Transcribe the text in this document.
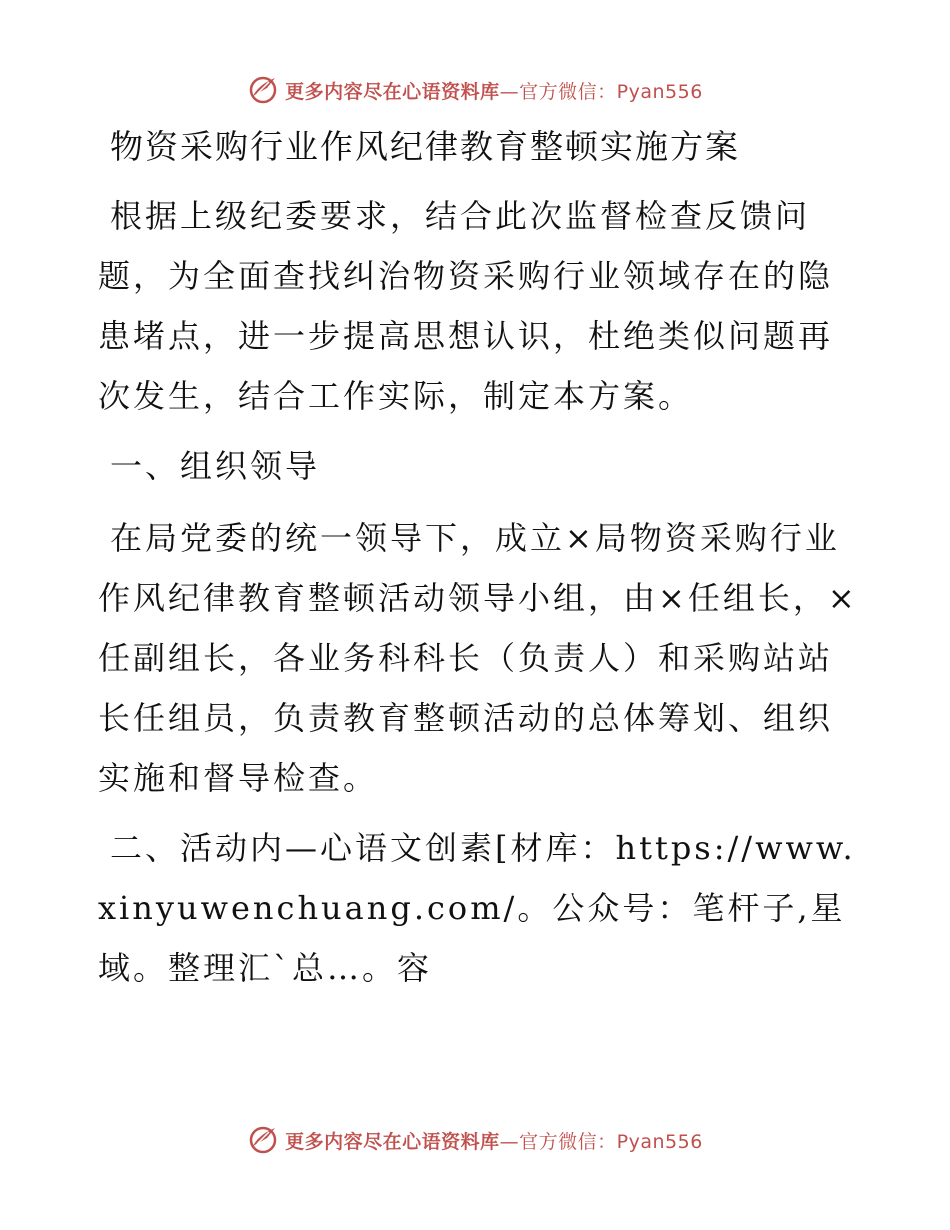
更多内容尽在心语资料库—官方微信：Pyan556
物资采购行业作风纪律教育整顿实施方案

根据上级纪委要求，结合此次监督检查反馈问题，为全面查找纠治物资采购行业领域存在的隐患堵点，进一步提高思想认识，杜绝类似问题再次发生，结合工作实际，制定本方案。

一、组织领导

在局党委的统一领导下，成立×局物资采购行业作风纪律教育整顿活动领导小组，由×任组长，×任副组长，各业务科科长（负责人）和采购站站长任组员，负责教育整顿活动的总体筹划、组织实施和督导检查。

二、活动内—心语文创素[材库：https://www.xinyuwenchuang.com/。公众号：笔杆子,星域。整理汇`总…。容

更多内容尽在心语资料库—官方微信：Pyan556
